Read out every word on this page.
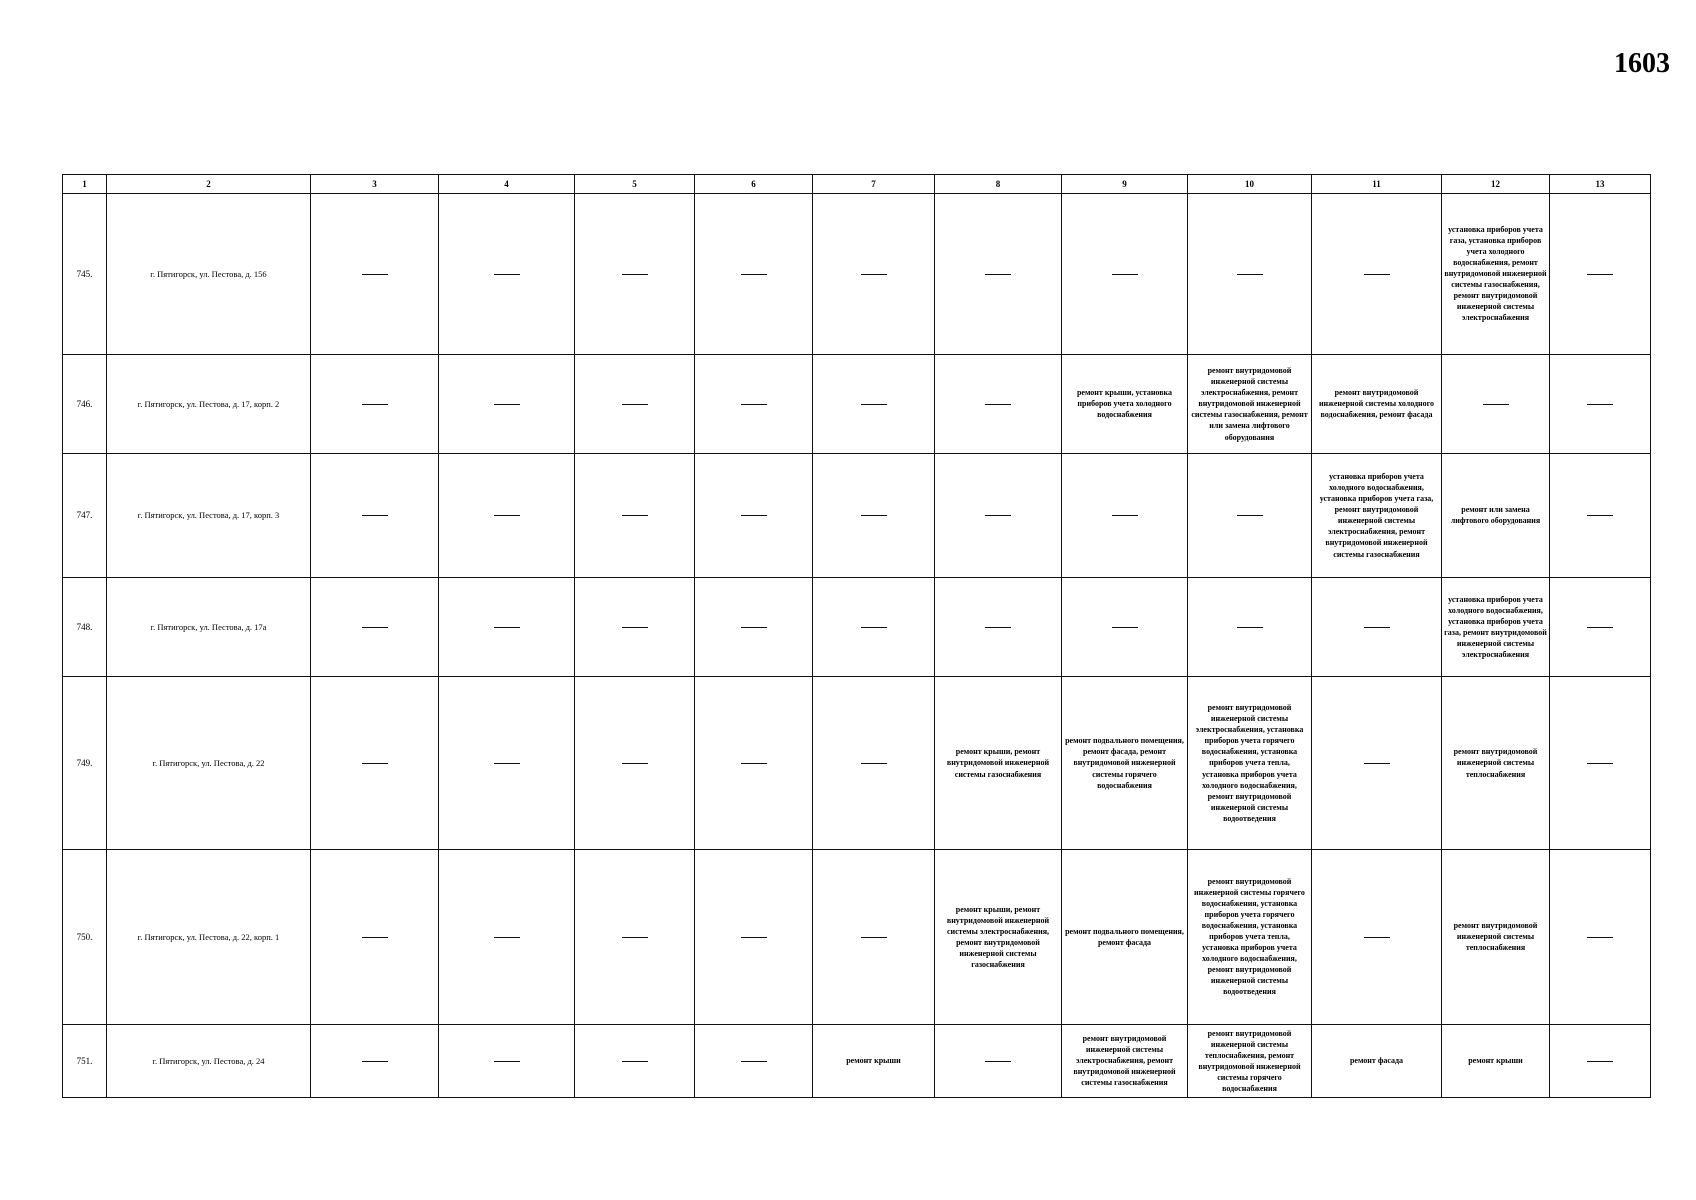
1603
1	2	3	4	5	6	7	8	9	10	11	12	13
745.	г. Пятигорск, ул. Пестова, д. 156										установка приборов учета газа, установка приборов учета холодного водоснабжения, ремонт внутридомовой инженерной системы газоснабжения, ремонт внутридомовой инженерной системы электроснабжения	
746.	г. Пятигорск, ул. Пестова, д. 17, корп. 2							ремонт крыши, установка приборов учета холодного водоснабжения	ремонт внутридомовой инженерной системы электроснабжения, ремонт внутридомовой инженерной системы газоснабжения, ремонт или замена лифтового оборудования	ремонт внутридомовой инженерной системы холодного водоснабжения, ремонт фасада		
747.	г. Пятигорск, ул. Пестова, д. 17, корп. 3									установка приборов учета холодного водоснабжения, установка приборов учета газа, ремонт внутридомовой инженерной системы электроснабжения, ремонт внутридомовой инженерной системы газоснабжения	ремонт или замена лифтового оборудования	
748.	г. Пятигорск, ул. Пестова, д. 17а										установка приборов учета холодного водоснабжения, установка приборов учета газа, ремонт внутридомовой инженерной системы электроснабжения	
749.	г. Пятигорск, ул. Пестова, д. 22						ремонт крыши, ремонт внутридомовой инженерной системы газоснабжения	ремонт подвального помещения, ремонт фасада, ремонт внутридомовой инженерной системы горячего водоснабжения	ремонт внутридомовой инженерной системы электроснабжения, установка приборов учета горячего водоснабжения, установка приборов учета тепла, установка приборов учета холодного водоснабжения, ремонт внутридомовой инженерной системы водоотведения		ремонт внутридомовой инженерной системы теплоснабжения	
750.	г. Пятигорск, ул. Пестова, д. 22, корп. 1						ремонт крыши, ремонт внутридомовой инженерной системы электроснабжения, ремонт внутридомовой инженерной системы газоснабжения	ремонт подвального помещения, ремонт фасада	ремонт внутридомовой инженерной системы горячего водоснабжения, установка приборов учета горячего водоснабжения, установка приборов учета тепла, установка приборов учета холодного водоснабжения, ремонт внутридомовой инженерной системы водоотведения		ремонт внутридомовой инженерной системы теплоснабжения	
751.	г. Пятигорск, ул. Пестова, д. 24					ремонт крыши		ремонт внутридомовой инженерной системы электроснабжения, ремонт внутридомовой инженерной системы газоснабжения	ремонт внутридомовой инженерной системы теплоснабжения, ремонт внутридомовой инженерной системы горячего водоснабжения	ремонт фасада	ремонт крыши	
